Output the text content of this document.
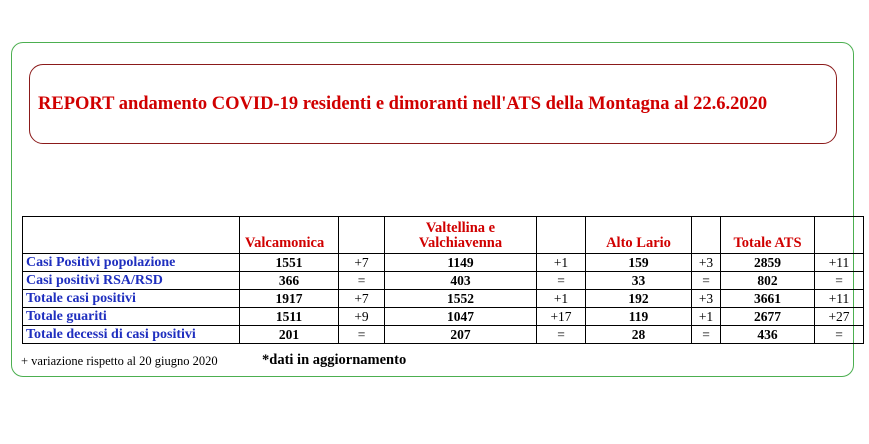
REPORT andamento COVID-19 residenti e dimoranti nell'ATS della Montagna al 22.6.2020
	Valcamonica		Valtellina e Valchiavenna		Alto Lario		Totale ATS	
Casi Positivi popolazione	1551	+7	1149	+1	159	+3	2859	+11
Casi positivi RSA/RSD	366	=	403	=	33	=	802	=
Totale casi positivi	1917	+7	1552	+1	192	+3	3661	+11
Totale guariti	1511	+9	1047	+17	119	+1	2677	+27
Totale decessi di casi positivi	201	=	207	=	28	=	436	=
+ variazione rispetto al 20 giugno 2020	*dati in aggiornamento
